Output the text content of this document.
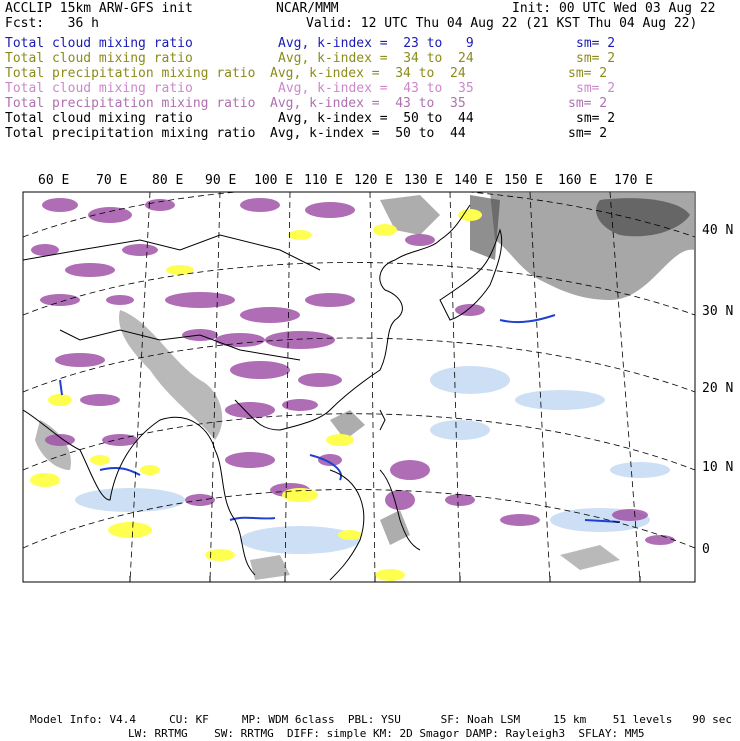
60 E 70 E 80 E 90 E 100 E 110 E 120 E 130 E 140 E 150 E 160 E 170 E
40 N
30 N
20 N
10 N
0
ACCLIP 15km ARW-GFS init	NCAR/MMM	Init: 00 UTC Wed 03 Aug 22
Fcst:   36 h	Valid: 12 UTC Thu 04 Aug 22 (21 KST Thu 04 Aug 22)
Total cloud mixing ratio	Avg, k-index =  23 to   9	sm= 2
Total cloud mixing ratio	Avg, k-index =  34 to  24	sm= 2
Total precipitation mixing ratio Avg, k-index =  34 to  24	sm= 2
Total cloud mixing ratio	Avg, k-index =  43 to  35	sm= 2
Total precipitation mixing ratio Avg, k-index =  43 to  35	sm= 2
Total cloud mixing ratio	Avg, k-index =  50 to  44	sm= 2
Total precipitation mixing ratio Avg, k-index =  50 to  44	sm= 2
Model Info: V4.4     CU: KF     MP: WDM 6class  PBL: YSU      SF: Noah LSM     15 km    51 levels   90 sec
LW: RRTMG    SW: RRTMG  DIFF: simple KM: 2D Smagor DAMP: Rayleigh3  SFLAY: MM5
